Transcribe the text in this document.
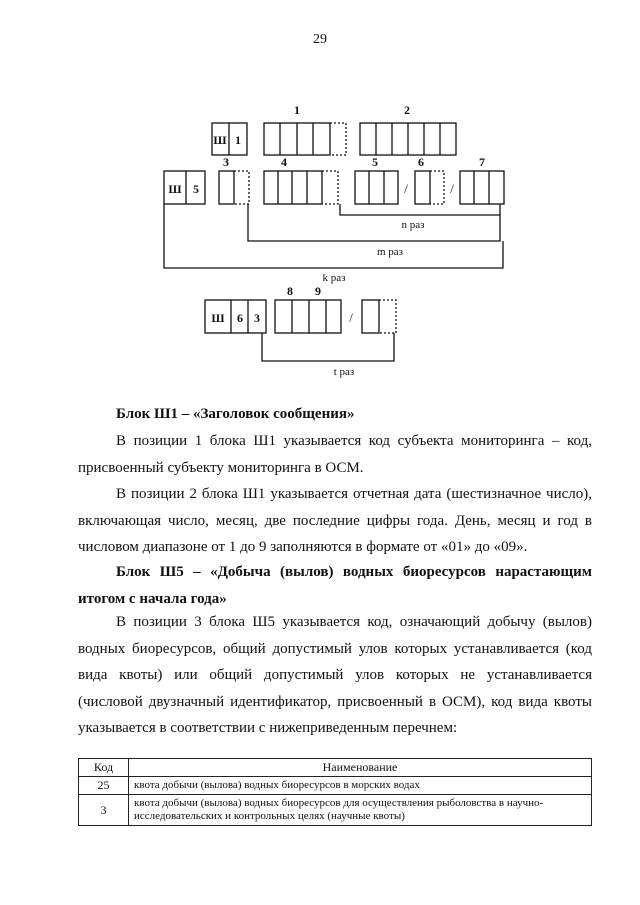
29
Ш 1
Ш 5
Ш 6 3
1	2
3	4	5	6	7
8 9
/	/
/
n раз
m раз
k раз
t раз
Блок Ш1 – «Заголовок сообщения»
В позиции 1 блока Ш1 указывается код субъекта мониторинга – код, присвоенный субъекту мониторинга в ОСМ.
В позиции 2 блока Ш1 указывается отчетная дата (шестизначное число), включающая число, месяц, две последние цифры года. День, месяц и год в числовом диапазоне от 1 до 9 заполняются в формате от «01» до «09».
Блок Ш5 – «Добыча (вылов) водных биоресурсов нарастающим итогом с начала года»
В позиции 3 блока Ш5 указывается код, означающий добычу (вылов) водных биоресурсов, общий допустимый улов которых устанавливается (код вида квоты) или общий допустимый улов которых не устанавливается (числовой двузначный идентификатор, присвоенный в ОСМ), код вида квоты указывается в соответствии с нижеприведенным перечнем:
Код	Наименование
25	квота добычи (вылова) водных биоресурсов в морских водах
3	квота добычи (вылова) водных биоресурсов для осуществления рыболовства в научно-исследовательских и контрольных целях (научные квоты)
